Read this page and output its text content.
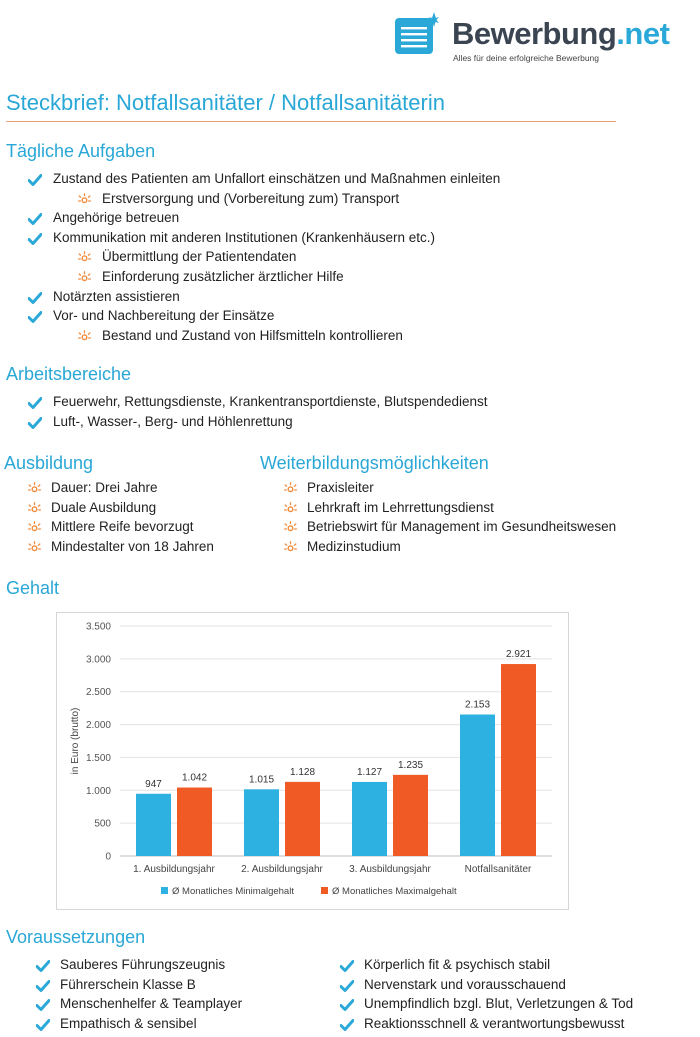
Bewerbung.net
Alles für deine erfolgreiche Bewerbung
Steckbrief: Notfallsanitäter / Notfallsanitäterin
Tägliche Aufgaben
Zustand des Patienten am Unfallort einschätzen und Maßnahmen einleiten
Erstversorgung und (Vorbereitung zum) Transport
Angehörige betreuen
Kommunikation mit anderen Institutionen (Krankenhäusern etc.)
Übermittlung der Patientendaten
Einforderung zusätzlicher ärztlicher Hilfe
Notärzten assistieren
Vor- und Nachbereitung der Einsätze
Bestand und Zustand von Hilfsmitteln kontrollieren
Arbeitsbereiche
Feuerwehr, Rettungsdienste, Krankentransportdienste, Blutspendedienst
Luft-, Wasser-, Berg- und Höhlenrettung
Ausbildung
Dauer: Drei Jahre
Duale Ausbildung
Mittlere Reife bevorzugt
Mindestalter von 18 Jahren
Weiterbildungsmöglichkeiten
Praxisleiter
Lehrkraft im Lehrrettungsdienst
Betriebswirt für Management im Gesundheitswesen
Medizinstudium
Gehalt
0
500
1.000
1.500
2.000
2.500
3.000
3.500
in Euro (brutto)
947
1.042
1. Ausbildungsjahr
1.015
1.128
2. Ausbildungsjahr
1.127
1.235
3. Ausbildungsjahr
2.153
2.921
Notfallsanitäter
Ø Monatliches Minimalgehalt	Ø Monatliches Maximalgehalt
Voraussetzungen
Sauberes Führungszeugnis
Führerschein Klasse B
Menschenhelfer & Teamplayer
Empathisch & sensibel
Körperlich fit & psychisch stabil
Nervenstark und vorausschauend
Unempfindlich bzgl. Blut, Verletzungen & Tod
Reaktionsschnell & verantwortungsbewusst
